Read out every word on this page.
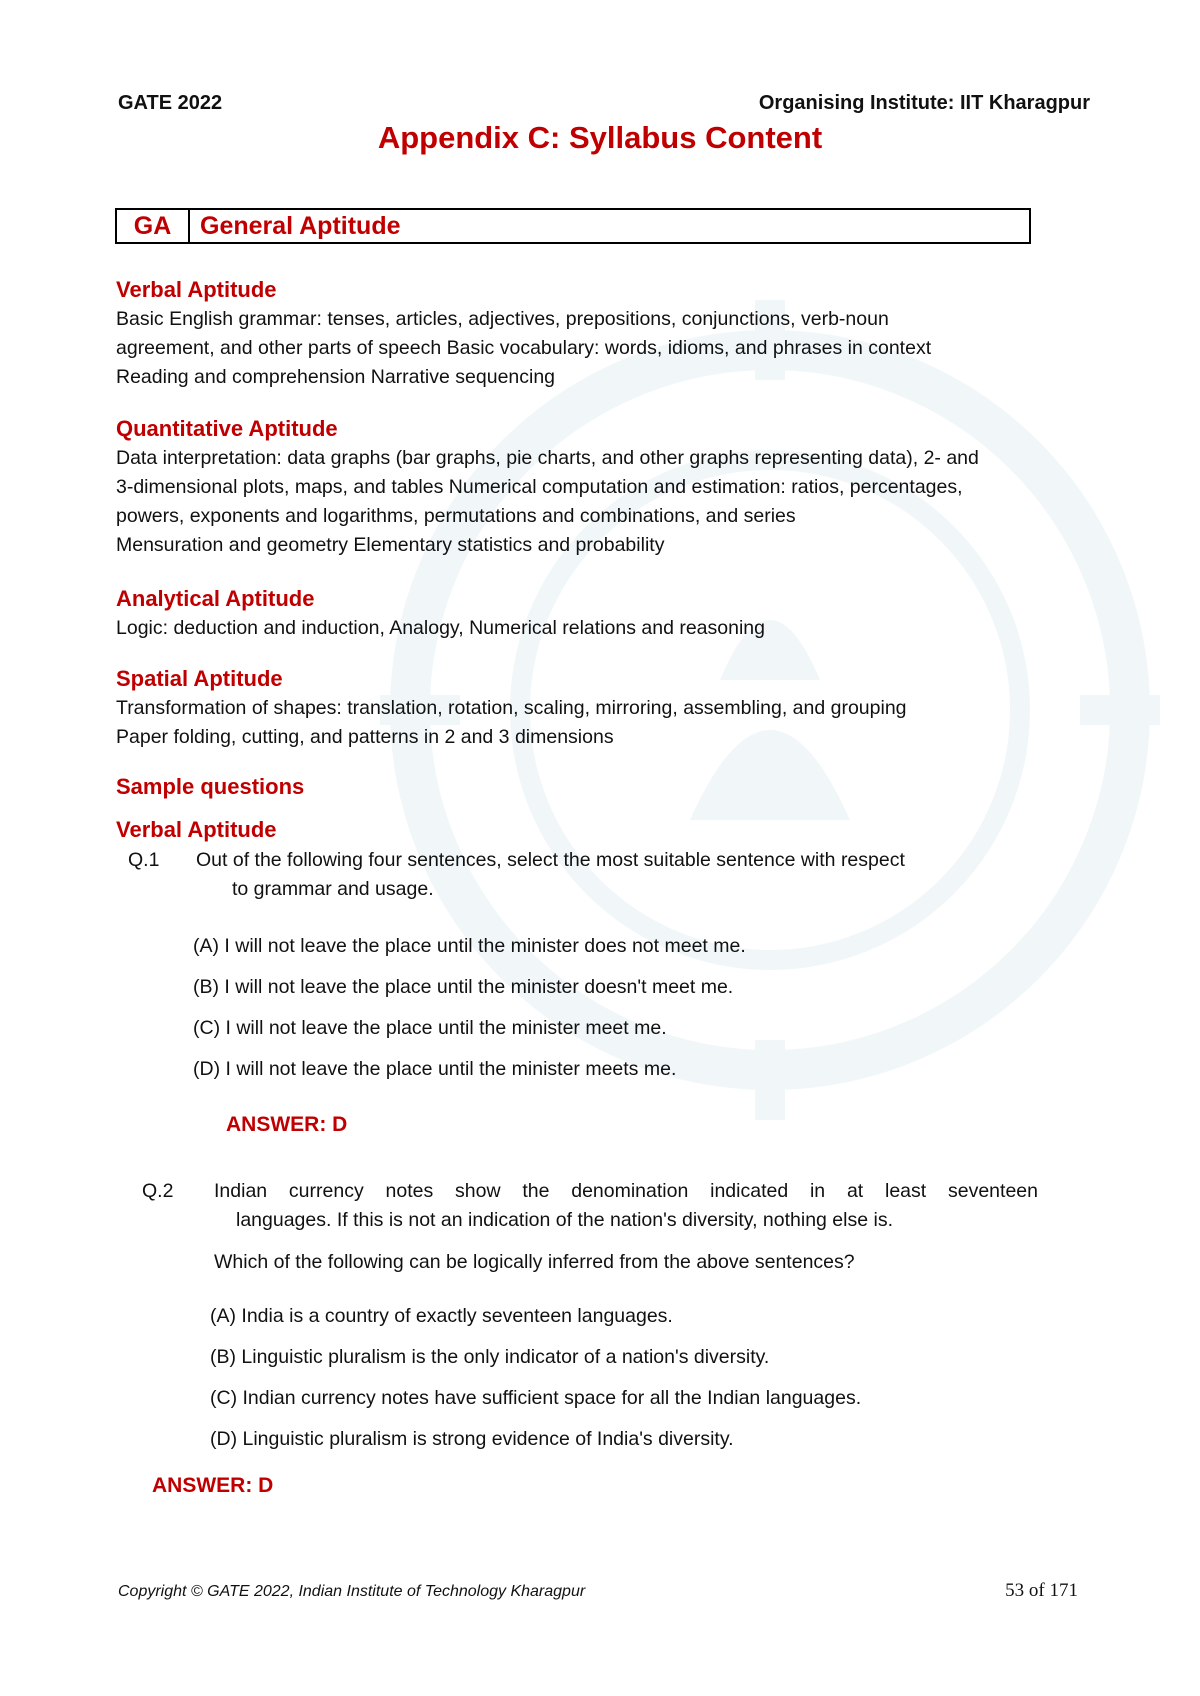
GATE 2022	Organising Institute: IIT Kharagpur
Appendix C: Syllabus Content
GA	General Aptitude
Verbal Aptitude
Basic English grammar: tenses, articles, adjectives, prepositions, conjunctions, verb-noun
agreement, and other parts of speech Basic vocabulary: words, idioms, and phrases in context
Reading and comprehension Narrative sequencing
Quantitative Aptitude
Data interpretation: data graphs (bar graphs, pie charts, and other graphs representing data), 2- and
3-dimensional plots, maps, and tables Numerical computation and estimation: ratios, percentages,
powers, exponents and logarithms, permutations and combinations, and series
Mensuration and geometry Elementary statistics and probability
Analytical Aptitude
Logic: deduction and induction, Analogy, Numerical relations and reasoning
Spatial Aptitude
Transformation of shapes: translation, rotation, scaling, mirroring, assembling, and grouping
Paper folding, cutting, and patterns in 2 and 3 dimensions
Sample questions
Verbal Aptitude
Q.1 Out of the following four sentences, select the most suitable sentence with respect
to grammar and usage.
(A) I will not leave the place until the minister does not meet me.
(B) I will not leave the place until the minister doesn't meet me.
(C) I will not leave the place until the minister meet me.
(D) I will not leave the place until the minister meets me.
ANSWER: D
Q.2 Indian currency notes show the denomination indicated in at least seventeen
languages. If this is not an indication of the nation's diversity, nothing else is.
Which of the following can be logically inferred from the above sentences?
(A) India is a country of exactly seventeen languages.
(B) Linguistic pluralism is the only indicator of a nation's diversity.
(C) Indian currency notes have sufficient space for all the Indian languages.
(D) Linguistic pluralism is strong evidence of India's diversity.
ANSWER: D
Copyright © GATE 2022, Indian Institute of Technology Kharagpur	53 of 171
